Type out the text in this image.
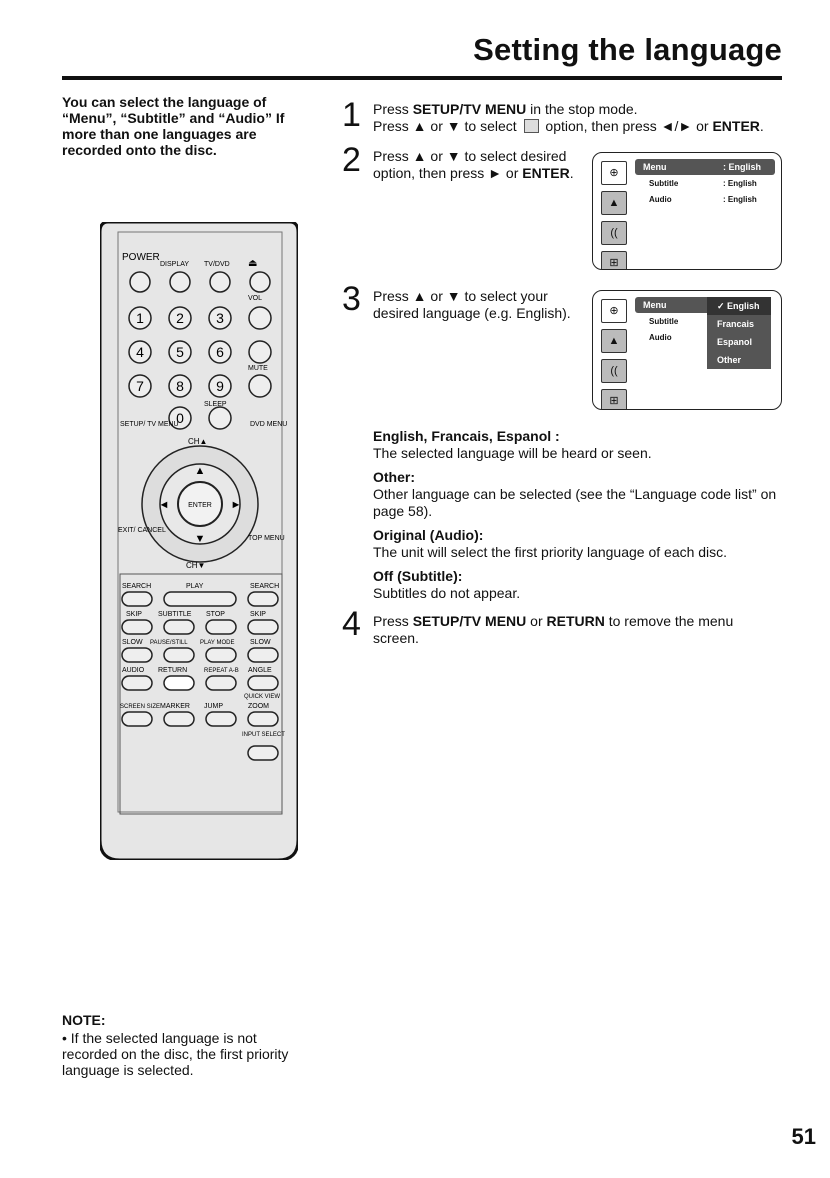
Setting the language
You can select the language of “Menu”, “Subtitle” and “Audio” If more than one languages are recorded onto the disc.
1 Press SETUP/TV MENU in the stop mode.
Press ▲ or ▼ to select  option, then press ◄/► or ENTER.
2 Press ▲ or ▼ to select desired
option, then press ► or ENTER.	⊕
▲
((
⊞
Menu	: English
Subtitle	: English
Audio	: English
3 Press ▲ or ▼ to select your
desired language (e.g. English).	⊕
▲
((
⊞
Menu
Subtitle
Audio
✓ English
Francais
Espanol
Other
English, Francais, Espanol :
The selected language will be heard or seen.
Other:
Other language can be selected (see the “Language code list” on page 58).
Original (Audio):
The unit will select the first priority language of each disc.
Off (Subtitle):
Subtitles do not appear.
4 Press SETUP/TV MENU or RETURN to remove the menu
screen.
POWER
DISPLAY TV/DVD ⏏
VOL
1 2 3
4 5 6
7 8 9
0
MUTE
SLEEP
SETUP/ TV MENU	DVD MENU
CH▲
ENTER
▲
▼
◄	►
EXIT/ CANCEL
TOP MENU
CH▼
SEARCH	PLAY	SEARCH
SKIP SUBTITLE STOP	SKIP
SLOW PAUSE/STILL PLAY MODE SLOW
AUDIO RETURN	REPEAT A-B ANGLE
QUICK VIEW
SCREEN SIZE MARKER JUMP	ZOOM
INPUT SELECT
NOTE:
• If the selected language is not recorded on the disc, the first priority language is selected.
51
